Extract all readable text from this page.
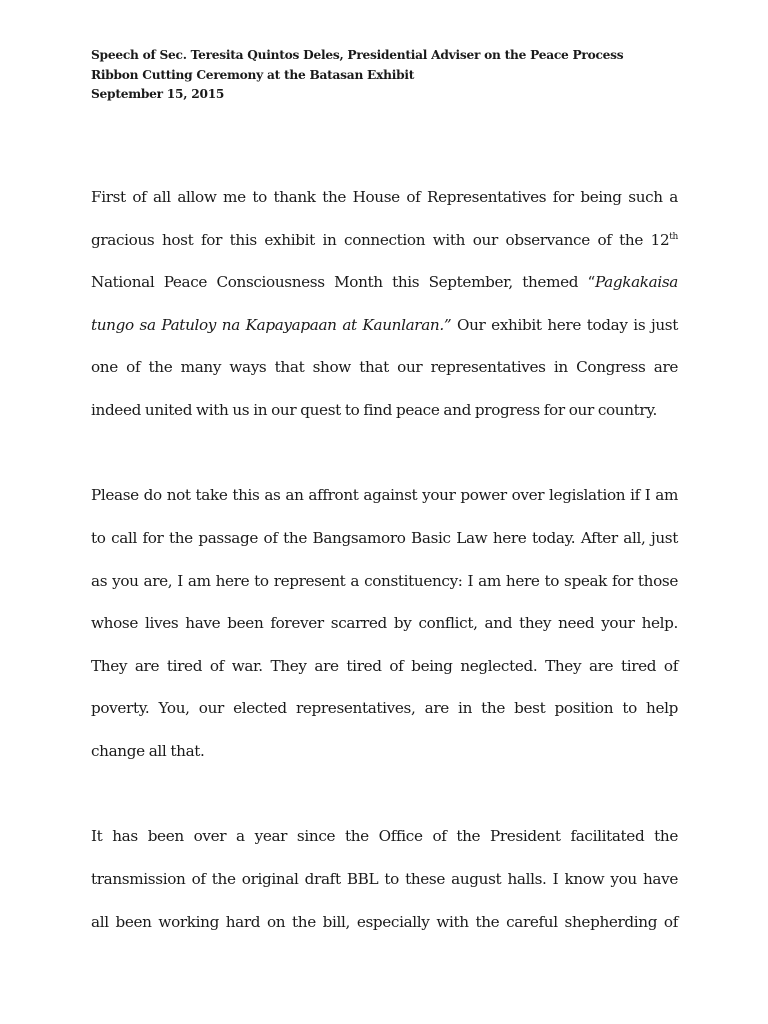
Speech of Sec. Teresita Quintos Deles, Presidential Adviser on the Peace Process
Ribbon Cutting Ceremony at the Batasan Exhibit
September 15, 2015
First of all allow me to thank the House of Representatives for being such a
gracious host for this exhibit in connection with our observance of the 12th
National Peace Consciousness Month this September, themed “Pagkakaisa
tungo sa Patuloy na Kapayapaan at Kaunlaran.” Our exhibit here today is just
one of the many ways that show that our representatives in Congress are
indeed united with us in our quest to find peace and progress for our country.
Please do not take this as an affront against your power over legislation if I am
to call for the passage of the Bangsamoro Basic Law here today. After all, just
as you are, I am here to represent a constituency: I am here to speak for those
whose lives have been forever scarred by conflict, and they need your help.
They are tired of war. They are tired of being neglected. They are tired of
poverty. You, our elected representatives, are in the best position to help
change all that.
It has been over a year since the Office of the President facilitated the
transmission of the original draft BBL to these august halls. I know you have
all been working hard on the bill, especially with the careful shepherding of
